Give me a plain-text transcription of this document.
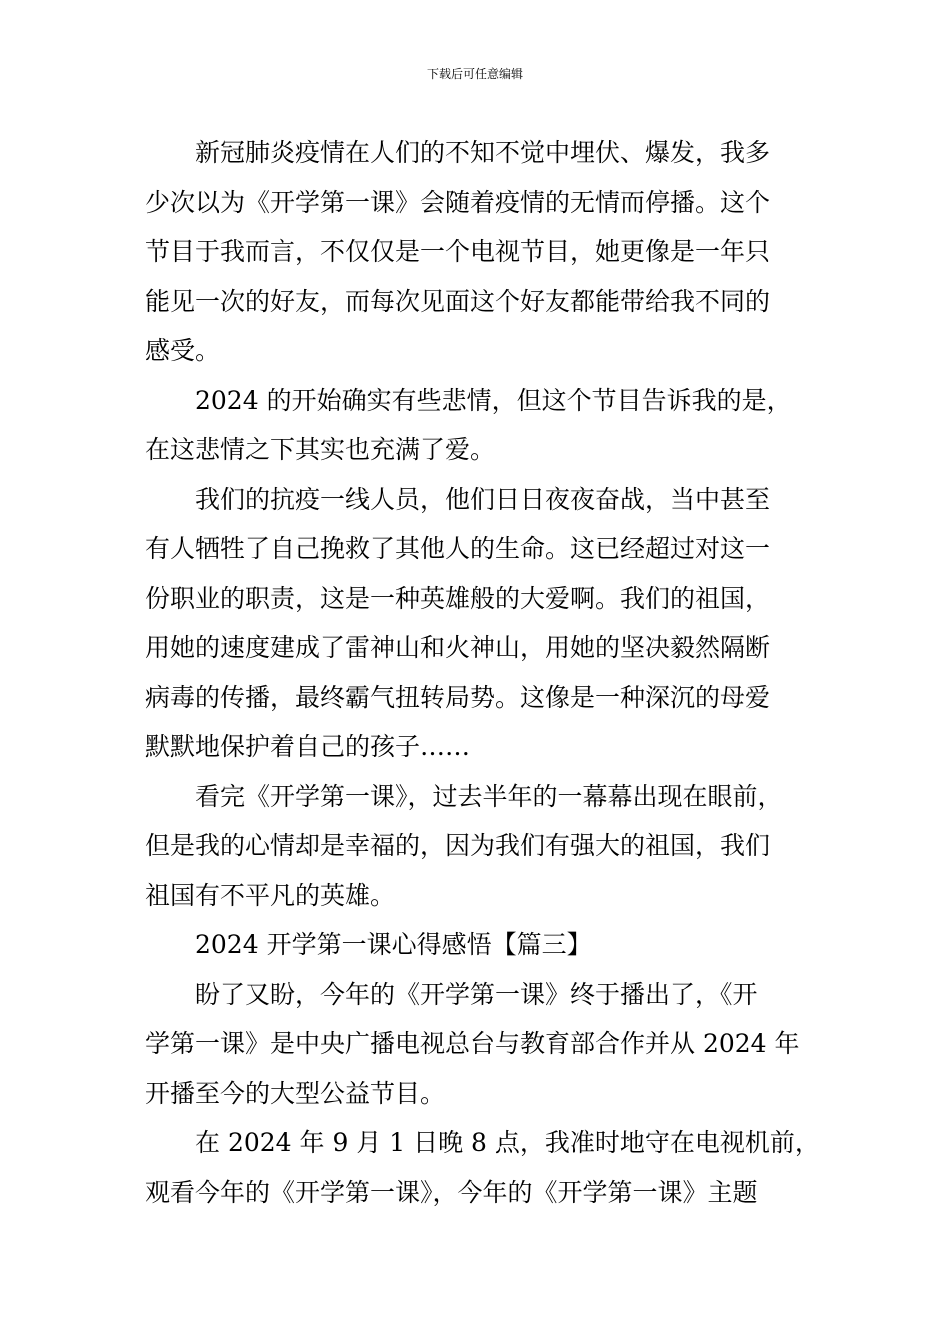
下载后可任意编辑

新冠肺炎疫情在人们的不知不觉中埋伏、爆发，我多
少次以为《开学第一课》会随着疫情的无情而停播。这个
节目于我而言，不仅仅是一个电视节目，她更像是一年只
能见一次的好友，而每次见面这个好友都能带给我不同的
感受。

2024 的开始确实有些悲情，但这个节目告诉我的是，
在这悲情之下其实也充满了爱。

我们的抗疫一线人员，他们日日夜夜奋战，当中甚至
有人牺牲了自己挽救了其他人的生命。这已经超过对这一
份职业的职责，这是一种英雄般的大爱啊。我们的祖国，
用她的速度建成了雷神山和火神山，用她的坚决毅然隔断
病毒的传播，最终霸气扭转局势。这像是一种深沉的母爱
默默地保护着自己的孩子……

看完《开学第一课》，过去半年的一幕幕出现在眼前，
但是我的心情却是幸福的，因为我们有强大的祖国，我们
祖国有不平凡的英雄。

2024 开学第一课心得感悟【篇三】

盼了又盼，今年的《开学第一课》终于播出了，《开
学第一课》是中央广播电视总台与教育部合作并从 2024 年
开播至今的大型公益节目。

在 2024 年 9 月 1 日晚 8 点，我准时地守在电视机前，
观看今年的《开学第一课》，今年的《开学第一课》主题
